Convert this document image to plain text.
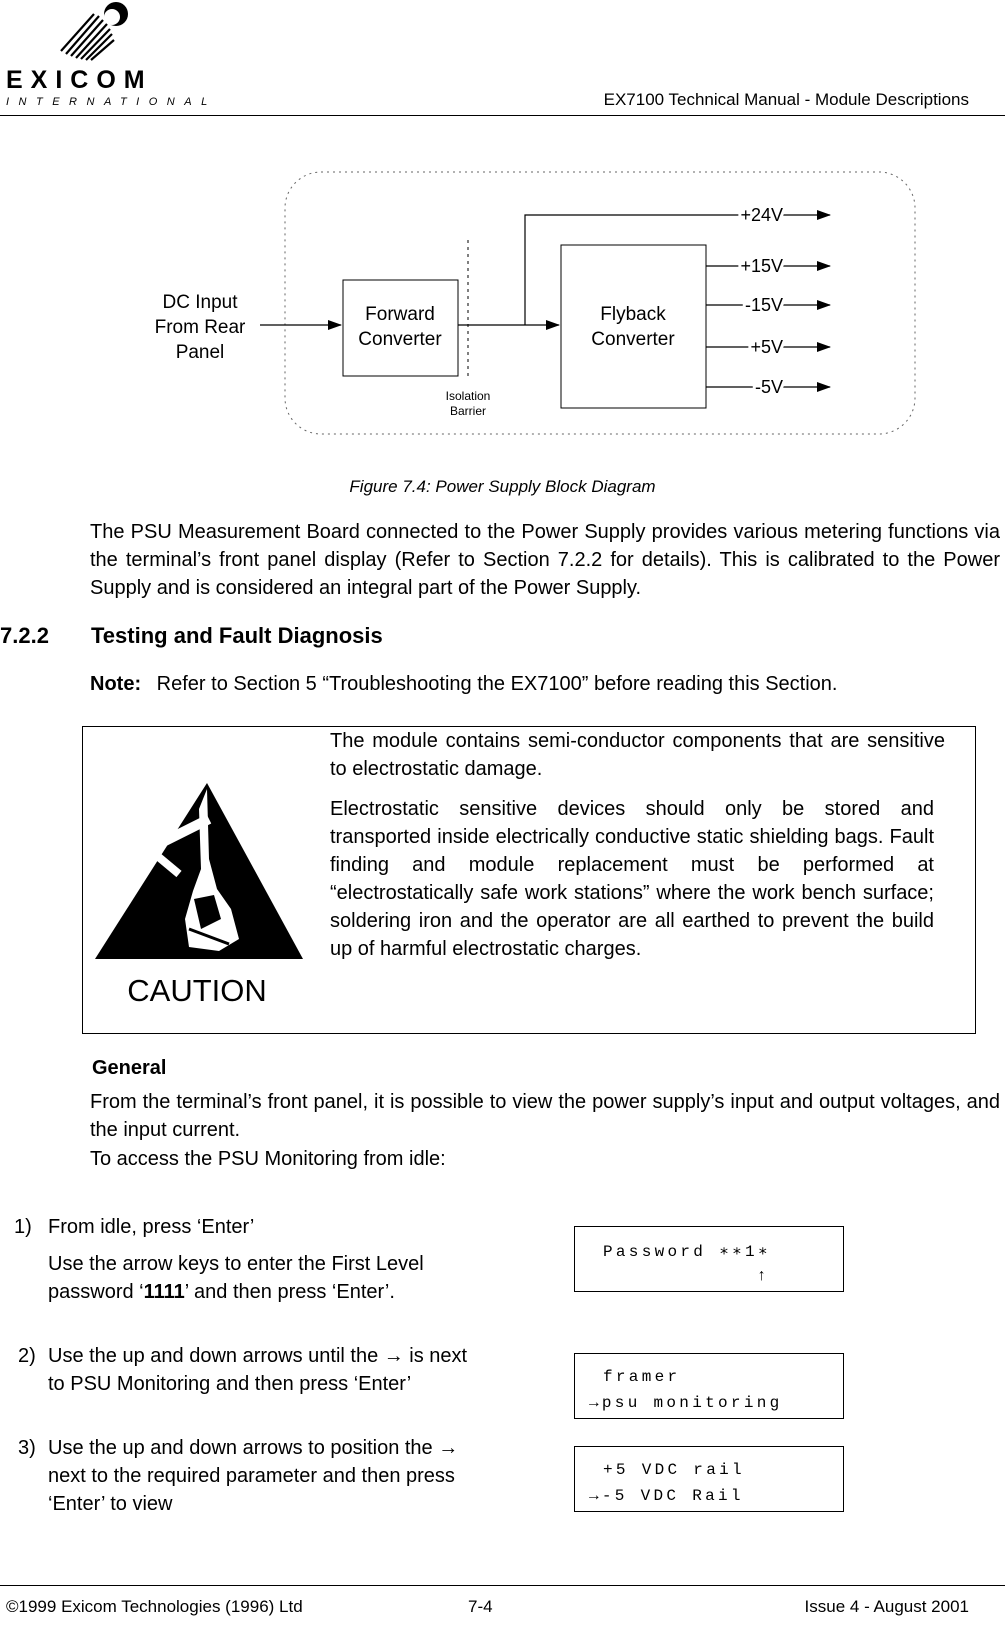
EXICOM
INTERNATIONAL	EX7100 Technical Manual - Module Descriptions
DC Input
From Rear
Panel
Forward
Converter
Isolation
Barrier
Flyback
Converter
+24V
+15V
-15V
+5V
-5V
Figure 7.4: Power Supply Block Diagram
The PSU Measurement Board connected to the Power Supply provides various metering functions via the terminal’s front panel display (Refer to Section 7.2.2 for details). This is calibrated to the Power Supply and is considered an integral part of the Power Supply.
7.2.2 Testing and Fault Diagnosis
Note: Refer to Section 5 “Troubleshooting the EX7100” before reading this Section.
CAUTION
The module contains semi-conductor components that are sensitive to electrostatic damage.
Electrostatic sensitive devices should only be stored and transported inside electrically conductive static shielding bags. Fault finding and module replacement must be performed at “electrostatically safe work stations” where the work bench surface; soldering iron and the operator are all earthed to prevent the build up of harmful electrostatic charges.
General
From the terminal’s front panel, it is possible to view the power supply’s input and output voltages, and the input current.
To access the PSU Monitoring from idle:
1) From idle, press ‘Enter’
Use the arrow keys to enter the First Level password ‘1111’ and then press ‘Enter’.
2) Use the up and down arrows until the → is next to PSU Monitoring and then press ‘Enter’
3) Use the up and down arrows to position the → next to the required parameter and then press ‘Enter’ to view
Password ∗∗1∗
↑
framer
→psu monitoring
+5 VDC rail
→-5 VDC Rail
©1999 Exicom Technologies (1996) Ltd	7-4	Issue 4 - August 2001
